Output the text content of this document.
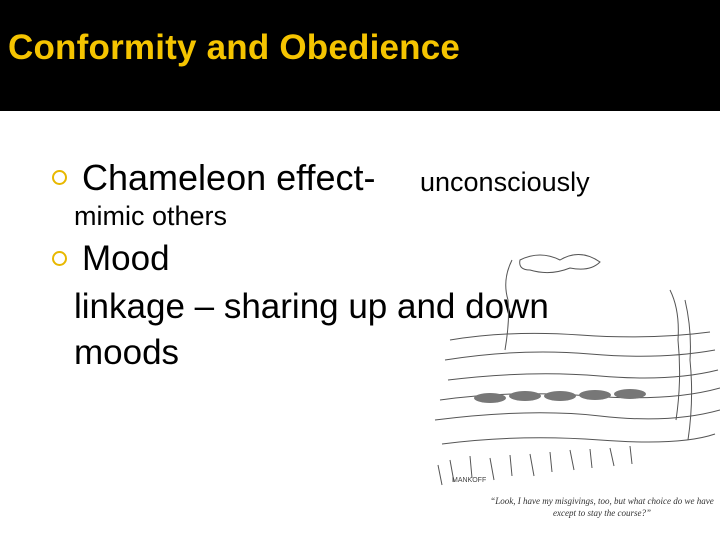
Conformity and Obedience
Chameleon effect- unconsciously
mimic others
Mood
linkage – sharing up and down
moods
MANKOFF
“Look, I have my misgivings, too, but what choice do we have except to stay the course?”
